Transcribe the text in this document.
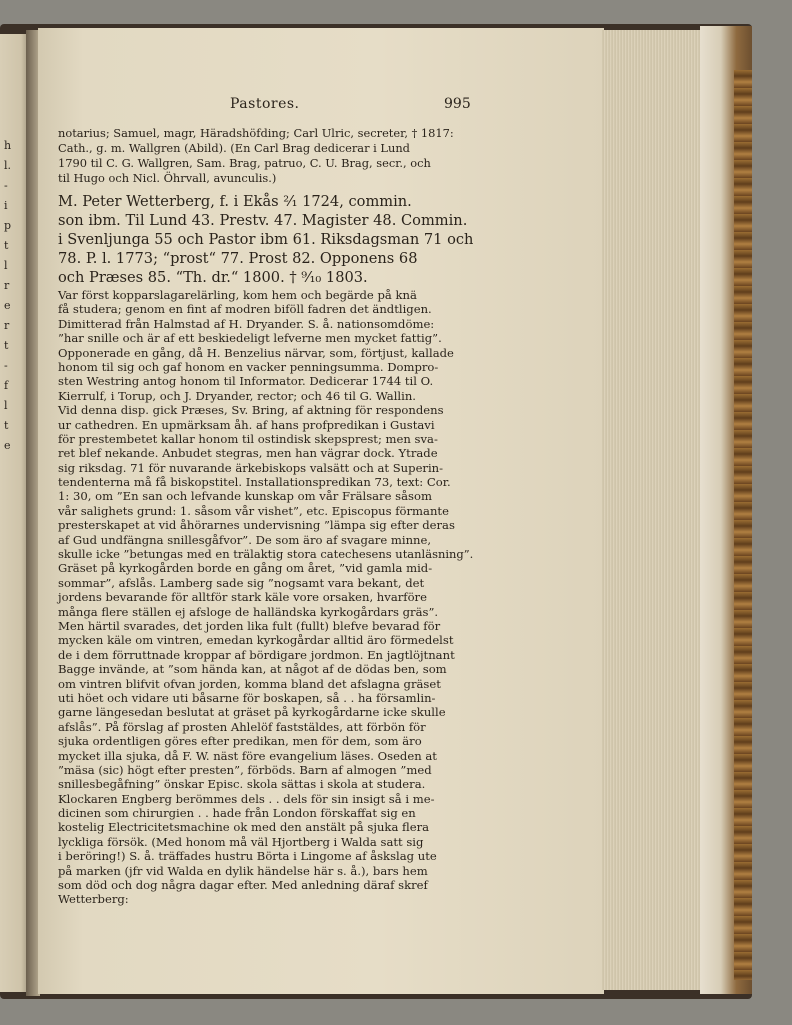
h
l.
-
i
p
t
l
r
e
r
t
-
f
l
t
e
Pastores.	995
notarius; Samuel, magr, Häradshöfding; Carl Ulric, secreter, † 1817:
Cath., g. m. Wallgren (Abild). (En Carl Brag dedicerar i Lund
1790 til C. G. Wallgren, Sam. Brag, patruo, C. U. Brag, secr., och
til Hugo och Nicl. Öhrvall, avunculis.)
M. Peter Wetterberg, f. i Ekås ²⁄₁ 1724, commin.
son ibm. Til Lund 43. Prestv. 47. Magister 48. Commin.
i Svenljunga 55 och Pastor ibm 61. Riksdagsman 71 och
78. P. l. 1773; “prost“ 77. Prost 82. Opponens 68
och Præses 85. “Th. dr.“ 1800. † ⁹⁄₁₀ 1803.
Var först kopparslagarelärling, kom hem och begärde på knä
få studera; genom en fint af modren biföll fadren det ändtligen.
Dimitterad från Halmstad af H. Dryander. S. å. nationsomdöme:
”har snille och är af ett beskiedeligt lefverne men mycket fattig”.
Opponerade en gång, då H. Benzelius närvar, som, förtjust, kallade
honom til sig och gaf honom en vacker penningsumma. Dompro-
sten Westring antog honom til Informator. Dedicerar 1744 til O.
Kierrulf, i Torup, och J. Dryander, rector; och 46 til G. Wallin.
Vid denna disp. gick Præses, Sv. Bring, af aktning för respondens
ur cathedren. En upmärksam åh. af hans profpredikan i Gustavi
för prestembetet kallar honom til ostindisk skepsprest; men sva-
ret blef nekande. Anbudet stegras, men han vägrar dock. Ytrade
sig riksdag. 71 för nuvarande ärkebiskops valsätt och at Superin-
tendenterna må få biskopstitel. Installationspredikan 73, text: Cor.
1: 30, om ”En san och lefvande kunskap om vår Frälsare såsom
vår salighets grund: 1. såsom vår vishet”, etc. Episcopus förmante
presterskapet at vid åhörarnes undervisning ”lämpa sig efter deras
af Gud undfängna snillesgåfvor”. De som äro af svagare minne,
skulle icke ”betungas med en trälaktig stora catechesens utanläsning”.
Gräset på kyrkogården borde en gång om året, ”vid gamla mid-
sommar”, afslås. Lamberg sade sig ”nogsamt vara bekant, det
jordens bevarande för alltför stark käle vore orsaken, hvarföre
många flere ställen ej afsloge de halländska kyrkogårdars gräs”.
Men härtil svarades, det jorden lika fult (fullt) blefve bevarad för
mycken käle om vintren, emedan kyrkogårdar alltid äro förmedelst
de i dem förruttnade kroppar af bördigare jordmon. En jagtlöjtnant
Bagge invände, at ”som hända kan, at något af de dödas ben, som
om vintren blifvit ofvan jorden, komma bland det afslagna gräset
uti höet och vidare uti båsarne för boskapen, så . . ha församlin-
garne längesedan beslutat at gräset på kyrkogårdarne icke skulle
afslås”. På förslag af prosten Ahlelöf faststäldes, att förbön för
sjuka ordentligen göres efter predikan, men för dem, som äro
mycket illa sjuka, då F. W. näst före evangelium läses. Oseden at
”mäsa (sic) högt efter presten”, förböds. Barn af almogen ”med
snillesbegåfning” önskar Episc. skola sättas i skola at studera.
Klockaren Engberg berömmes dels . . dels för sin insigt så i me-
dicinen som chirurgien . . hade från London förskaffat sig en
kostelig Electricitetsmachine ok med den anstält på sjuka flera
lyckliga försök. (Med honom må väl Hjortberg i Walda satt sig
i beröring!) S. å. träffades hustru Börta i Lingome af åskslag ute
på marken (jfr vid Walda en dylik händelse här s. å.), bars hem
som död och dog några dagar efter. Med anledning däraf skref
Wetterberg:
